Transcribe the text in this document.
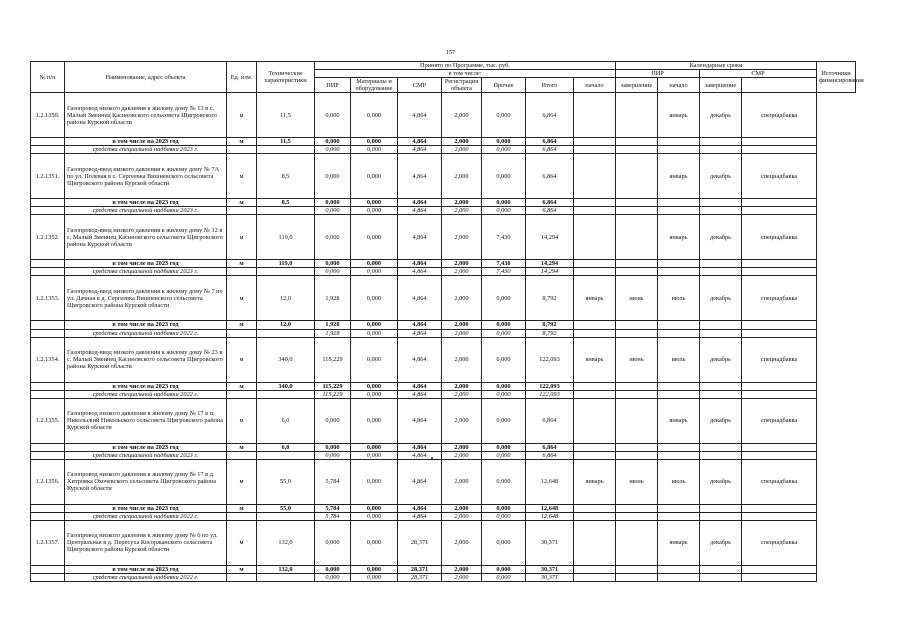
157
№ п/п	Наименование, адрес объекта	Ед. изм.	Технические характеристики	Принято по Программе, тыс. руб.							Календарные сроки				Источники финансирования
				в том числе:							ПИР		СМР		
				ПИР	Материалы и оборудование	СМР	Регистрация объекта	Прочие	Итого	начало	завершение	начало	завершение		
1.2.1350.	Газопровод низкого давления к жилому дому № 13 в с. Малый Змеинец Касиновского сельсовета Щигровского района Курской области	м	11,5	0,000	0,000	4,864	2,000	0,000	6,864			январь	декабрь	спецнадбавка	
	в том числе на 2023 год	м	11,5	0,000	0,000	4,864	2,000	0,000	6,864						
	средства специальной надбавки 2023 г.			0,000	0,000	4,864	2,000	0,000	6,864						
1.2.1351.	Газопровод-ввод низкого давления к жилому дому № 7А по ул. Полевая в с. Сергеевка Вишневского сельсовета Щигровского района Курской области	м	8,5	0,000	0,000	4,864	2,000	0,000	6,864			январь	декабрь	спецнадбавка	
	в том числе на 2023 год	м	8,5	0,000	0,000	4,864	2,000	0,000	6,864						
	средства специальной надбавки 2023 г.			0,000	0,000	4,864	2,000	0,000	6,864						
1.2.1352.	Газопровод-ввод низкого давления к жилому дому № 12 в с. Малый Змеинец Касиновского сельсовета Щигровского района Курской области	м	119,0	0,000	0,000	4,864	2,000	7,430	14,294			январь	декабрь	спецнадбавка	
	в том числе на 2023 год	м	119,0	0,000	0,000	4,864	2,000	7,430	14,294						
	средства специальной надбавки 2023 г.			0,000	0,000	4,864	2,000	7,430	14,294						
1.2.1353.	Газопровод-ввод низкого давления к жилому дому № 7 по ул. Дачная в д. Сергеевка Вишневского сельсовета Щигровского района Курской области	м	12,0	1,928	0,000	4,864	2,000	0,000	8,792	январь	июнь	июль	декабрь	спецнадбавка	
	в том числе на 2023 год	м	12,0	1,928	0,000	4,864	2,000	0,000	8,792						
	средства специальной надбавки 2022 г.			1,928	0,000	4,864	2,000	0,000	8,792						
1.2.1354.	Газопровод-ввод низкого давления к жилому дому № 23 в с. Малый Змеинец Касиновского сельсовета Щигровского района Курской области	м	340,0	115,229	0,000	4,864	2,000	0,000	122,093	январь	июнь	июль	декабрь	спецнадбавка	
	в том числе на 2023 год	м	340,0	115,229	0,000	4,864	2,000	0,000	122,093						
	средства специальной надбавки 2022 г.			115,229	0,000	4,864	2,000	0,000	122,093						
1.2.1355.	Газопровод низкого давления к жилому дому № 17 в п. Никольский Никольского сельсовета Щигровского района Курской области	м	6,0	0,000	0,000	4,864	2,000	0,000	6,864			январь	декабрь	спецнадбавка	
	в том числе на 2023 год	м	6,0	0,000	0,000	4,864	2,000	0,000	6,864						
	средства специальной надбавки 2023 г.			0,000	0,000	4,864	2,000	0,000	6,864						
1.2.1356.	Газопровод низкого давления к жилому дому № 17 в д. Хитровка Охочевского сельсовета Щигровского района Курской области	м	55,0	5,784	0,000	4,864	2,000	0,000	12,648	январь	июнь	июль	декабрь	спецнадбавка	
	в том числе на 2023 год	м	55,0	5,784	0,000	4,864	2,000	0,000	12,648						
	средства специальной надбавки 2022 г.			5,784	0,000	4,864	2,000	0,000	12,648						
1.2.1357.	Газопровод низкого давления к жилому дому № 6 по ул. Центральная в д. Пересуха Косоржанского сельсовета Щигровского района Курской области	м	132,0	0,000	0,000	28,371	2,000	0,000	30,371			январь	декабрь	спецнадбавка	
	в том числе на 2023 год	м	132,0	0,000	0,000	28,371	2,000	0,000	30,371						
	средства специальной надбавки 2022 г.			0,000	0,000	28,371	2,000	0,000	30,371						
